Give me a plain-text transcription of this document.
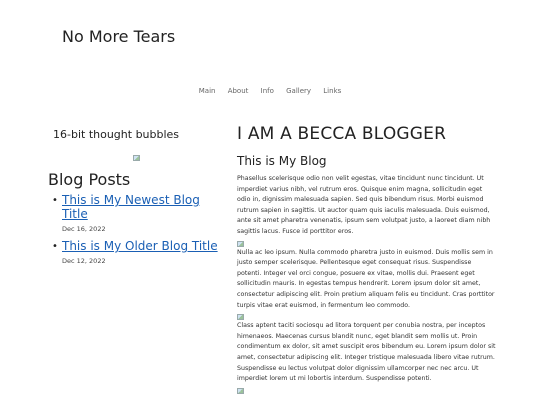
No More Tears
Main About Info Gallery Links
16-bit thought bubbles
Blog Posts
• This is My Newest Blog Title
Dec 16, 2022
• This is My Older Blog Title
Dec 12, 2022
I AM A BECCA BLOGGER
This is My Blog

Phasellus scelerisque odio non velit egestas, vitae tincidunt nunc tincidunt. Ut imperdiet varius nibh, vel rutrum eros. Quisque enim magna, sollicitudin eget odio in, dignissim malesuada sapien. Sed quis bibendum risus. Morbi euismod rutrum sapien in sagittis. Ut auctor quam quis iaculis malesuada. Duis euismod, ante sit amet pharetra venenatis, ipsum sem volutpat justo, a laoreet diam nibh sagittis lacus. Fusce id porttitor eros.

Nulla ac leo ipsum. Nulla commodo pharetra justo in euismod. Duis mollis sem in justo semper scelerisque. Pellentesque eget consequat risus. Suspendisse potenti. Integer vel orci congue, posuere ex vitae, mollis dui. Praesent eget sollicitudin mauris. In egestas tempus hendrerit. Lorem ipsum dolor sit amet, consectetur adipiscing elit. Proin pretium aliquam felis eu tincidunt. Cras porttitor turpis vitae erat euismod, in fermentum leo commodo.

Class aptent taciti sociosqu ad litora torquent per conubia nostra, per inceptos himenaeos. Maecenas cursus blandit nunc, eget blandit sem mollis ut. Proin condimentum ex dolor, sit amet suscipit eros bibendum eu. Lorem ipsum dolor sit amet, consectetur adipiscing elit. Integer tristique malesuada libero vitae rutrum. Suspendisse eu lectus volutpat dolor dignissim ullamcorper nec nec arcu. Ut imperdiet lorem ut mi lobortis interdum. Suspendisse potenti.
